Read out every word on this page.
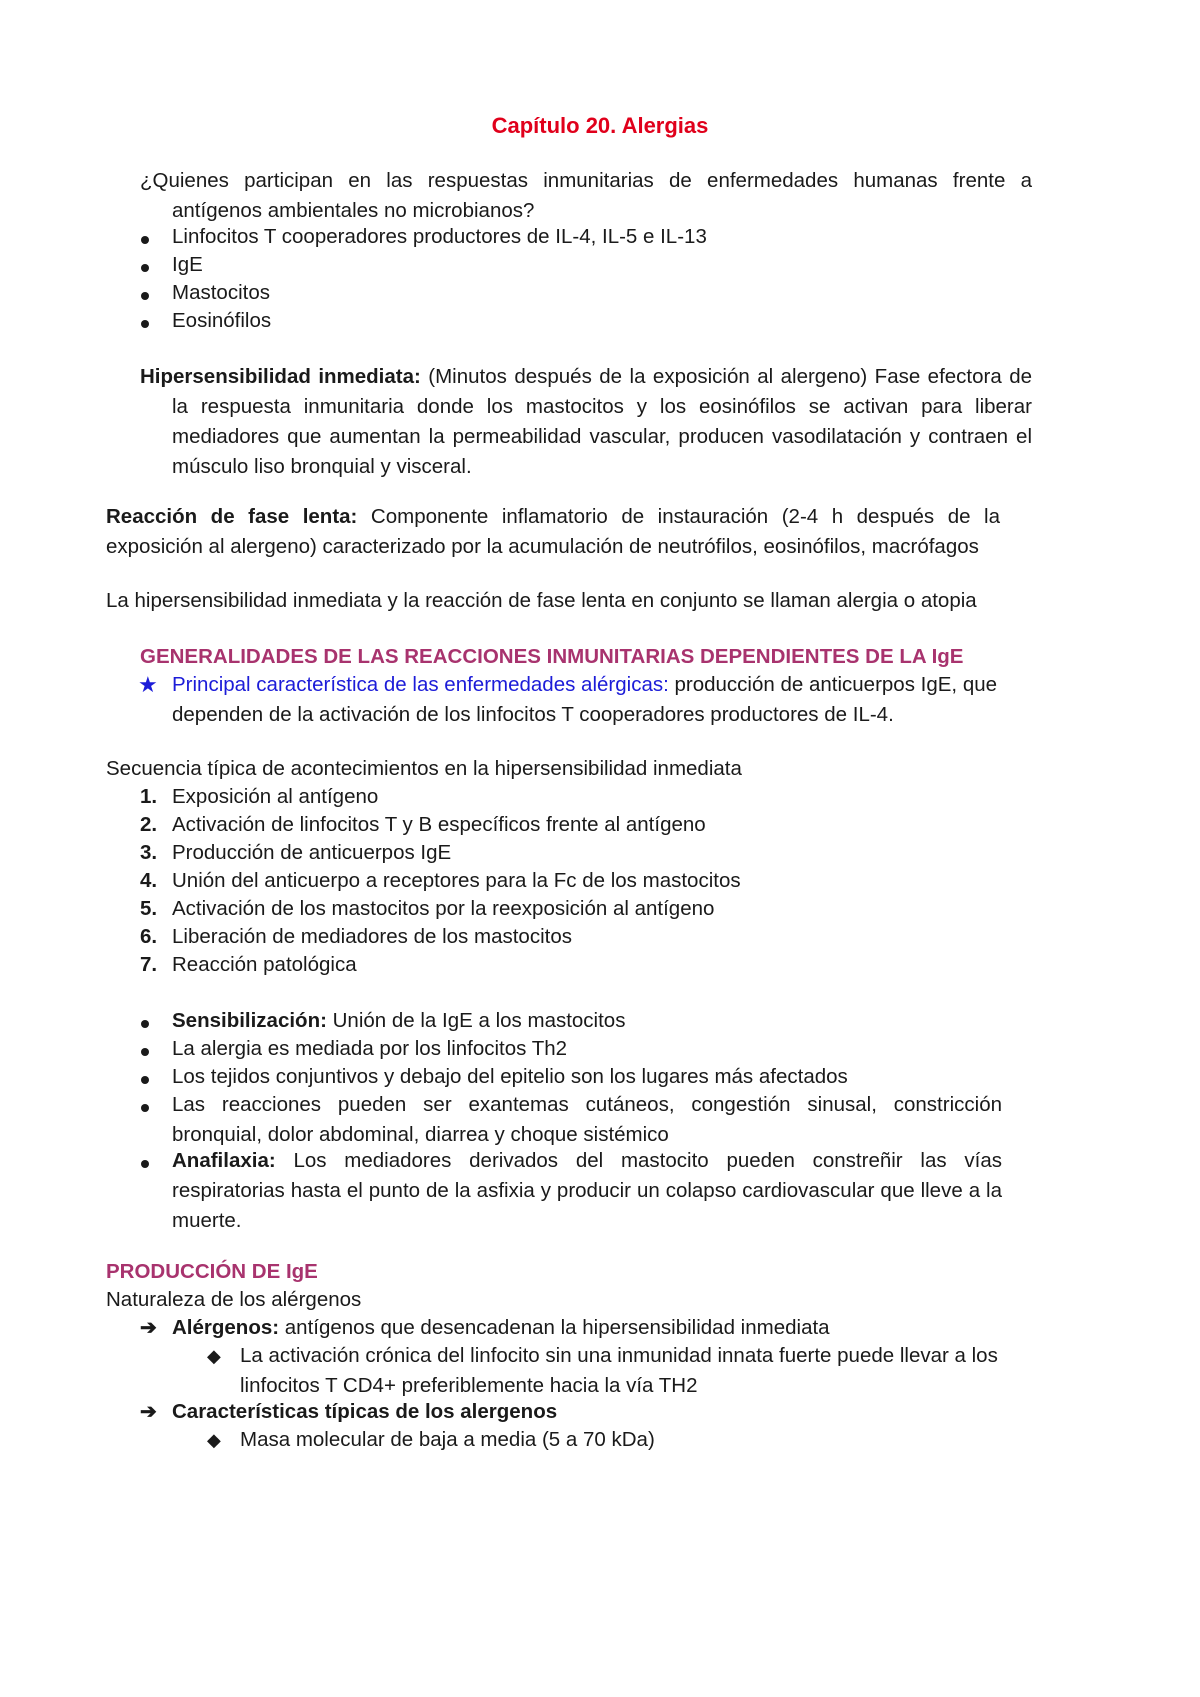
Capítulo 20. Alergias
¿Quienes participan en las respuestas inmunitarias de enfermedades humanas frente a antígenos ambientales no microbianos?
Linfocitos T cooperadores productores de IL-4, IL-5 e IL-13
IgE
Mastocitos
Eosinófilos
Hipersensibilidad inmediata: (Minutos después de la exposición al alergeno) Fase efectora de la respuesta inmunitaria donde los mastocitos y los eosinófilos se activan para liberar mediadores que aumentan la permeabilidad vascular, producen vasodilatación y contraen el músculo liso bronquial y visceral.
Reacción de fase lenta: Componente inflamatorio de instauración (2-4 h después de la exposición al alergeno) caracterizado por la acumulación de neutrófilos, eosinófilos, macrófagos
La hipersensibilidad inmediata y la reacción de fase lenta en conjunto se llaman alergia o atopia
GENERALIDADES DE LAS REACCIONES INMUNITARIAS DEPENDIENTES DE LA IgE
★ Principal característica de las enfermedades alérgicas: producción de anticuerpos IgE, que dependen de la activación de los linfocitos T cooperadores productores de IL-4.
Secuencia típica de acontecimientos en la hipersensibilidad inmediata
1. Exposición al antígeno
2. Activación de linfocitos T y B específicos frente al antígeno
3. Producción de anticuerpos IgE
4. Unión del anticuerpo a receptores para la Fc de los mastocitos
5. Activación de los mastocitos por la reexposición al antígeno
6. Liberación de mediadores de los mastocitos
7. Reacción patológica
Sensibilización: Unión de la IgE a los mastocitos
La alergia es mediada por los linfocitos Th2
Los tejidos conjuntivos y debajo del epitelio son los lugares más afectados
Las reacciones pueden ser exantemas cutáneos, congestión sinusal, constricción bronquial, dolor abdominal, diarrea y choque sistémico
Anafilaxia: Los mediadores derivados del mastocito pueden constreñir las vías respiratorias hasta el punto de la asfixia y producir un colapso cardiovascular que lleve a la muerte.
PRODUCCIÓN DE IgE
Naturaleza de los alérgenos
➔ Alérgenos: antígenos que desencadenan la hipersensibilidad inmediata
◆ La activación crónica del linfocito sin una inmunidad innata fuerte puede llevar a los linfocitos T CD4+ preferiblemente hacia la vía TH2
➔ Características típicas de los alergenos
◆ Masa molecular de baja a media (5 a 70 kDa)
